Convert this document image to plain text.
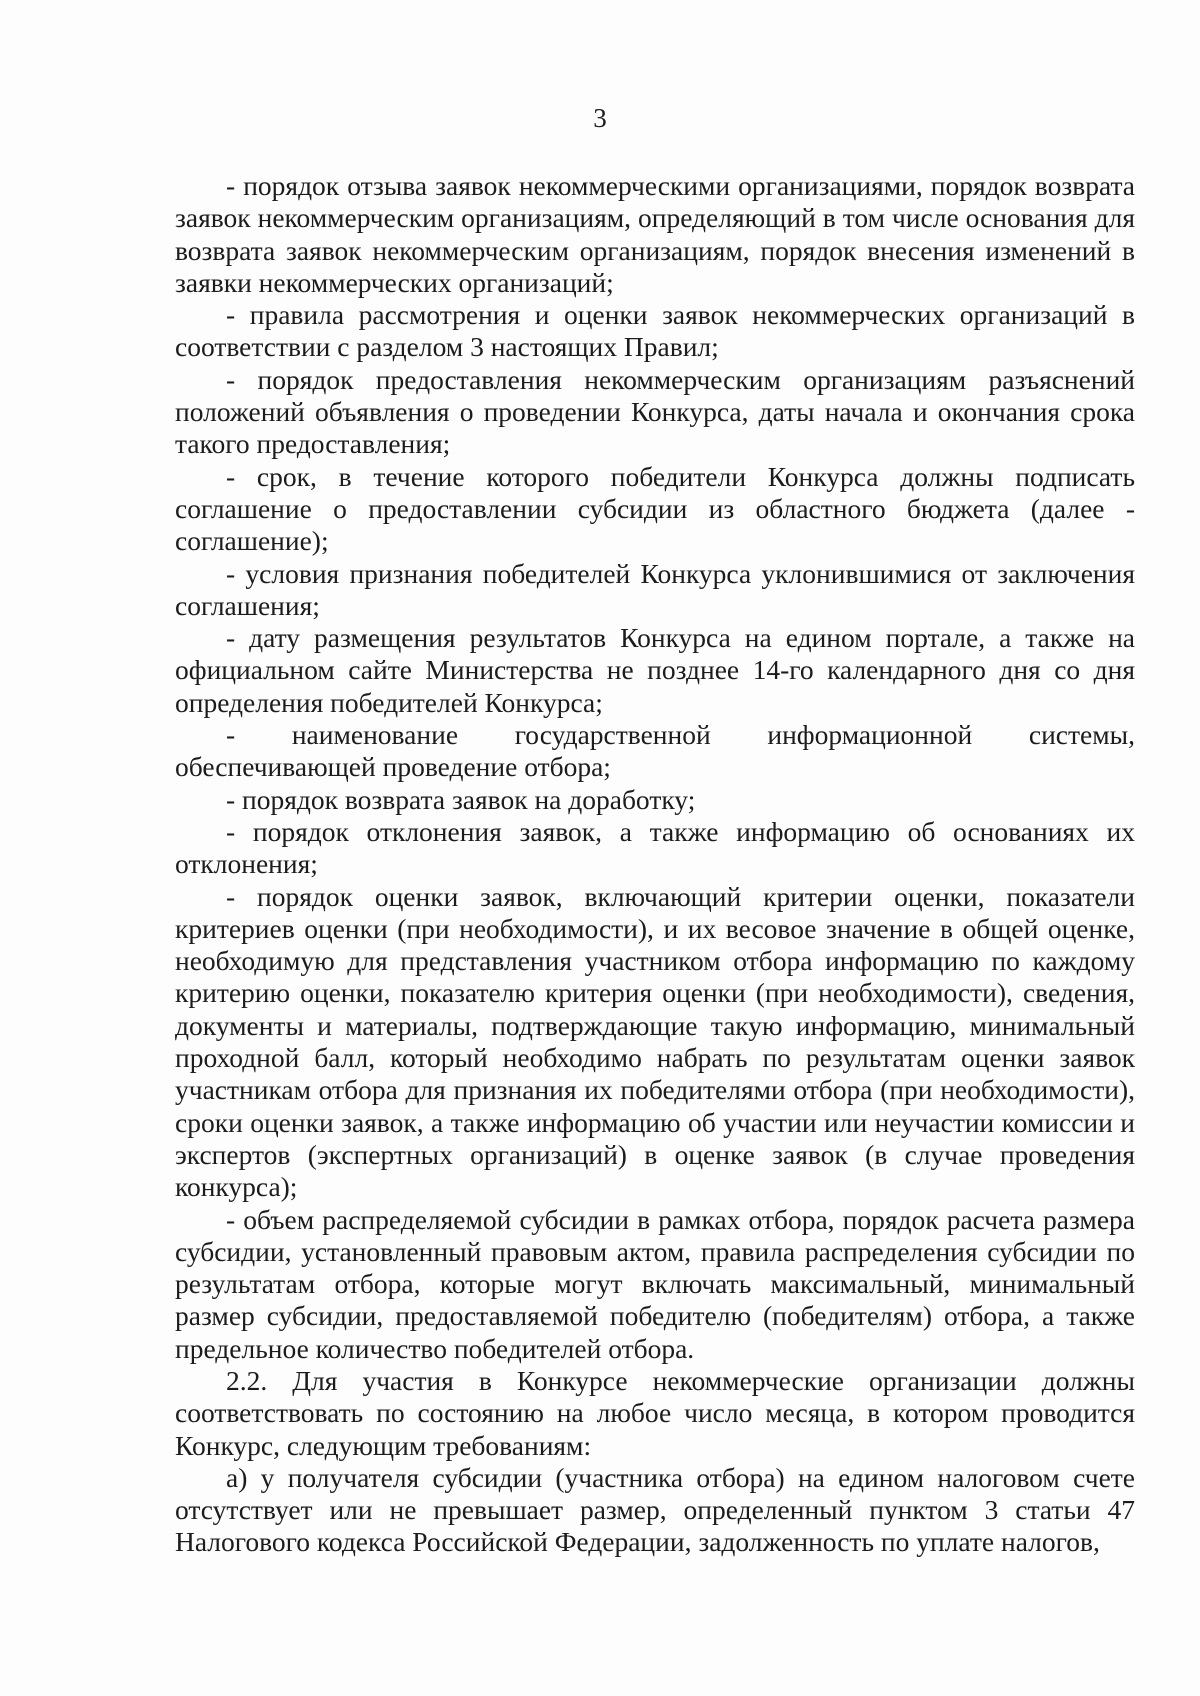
3

- порядок отзыва заявок некоммерческими организациями, порядок возврата заявок некоммерческим организациям, определяющий в том числе основания для возврата заявок некоммерческим организациям, порядок внесения изменений в заявки некоммерческих организаций;

- правила рассмотрения и оценки заявок некоммерческих организаций в соответствии с разделом 3 настоящих Правил;

- порядок предоставления некоммерческим организациям разъяснений положений объявления о проведении Конкурса, даты начала и окончания срока такого предоставления;

- срок, в течение которого победители Конкурса должны подписать соглашение о предоставлении субсидии из областного бюджета (далее - соглашение);

- условия признания победителей Конкурса уклонившимися от заключения соглашения;

- дату размещения результатов Конкурса на едином портале, а также на официальном сайте Министерства не позднее 14-го календарного дня со дня определения победителей Конкурса;

- наименование государственной информационной системы, обеспечивающей проведение отбора;

- порядок возврата заявок на доработку;

- порядок отклонения заявок, а также информацию об основаниях их отклонения;

- порядок оценки заявок, включающий критерии оценки, показатели критериев оценки (при необходимости), и их весовое значение в общей оценке, необходимую для представления участником отбора информацию по каждому критерию оценки, показателю критерия оценки (при необходимости), сведения, документы и материалы, подтверждающие такую информацию, минимальный проходной балл, который необходимо набрать по результатам оценки заявок участникам отбора для признания их победителями отбора (при необходимости), сроки оценки заявок, а также информацию об участии или неучастии комиссии и экспертов (экспертных организаций) в оценке заявок (в случае проведения конкурса);

- объем распределяемой субсидии в рамках отбора, порядок расчета размера субсидии, установленный правовым актом, правила распределения субсидии по результатам отбора, которые могут включать максимальный, минимальный размер субсидии, предоставляемой победителю (победителям) отбора, а также предельное количество победителей отбора.

2.2. Для участия в Конкурсе некоммерческие организации должны соответствовать по состоянию на любое число месяца, в котором проводится Конкурс, следующим требованиям:

а) у получателя субсидии (участника отбора) на едином налоговом счете отсутствует или не превышает размер, определенный пунктом 3 статьи 47 Налогового кодекса Российской Федерации, задолженность по уплате налогов,
